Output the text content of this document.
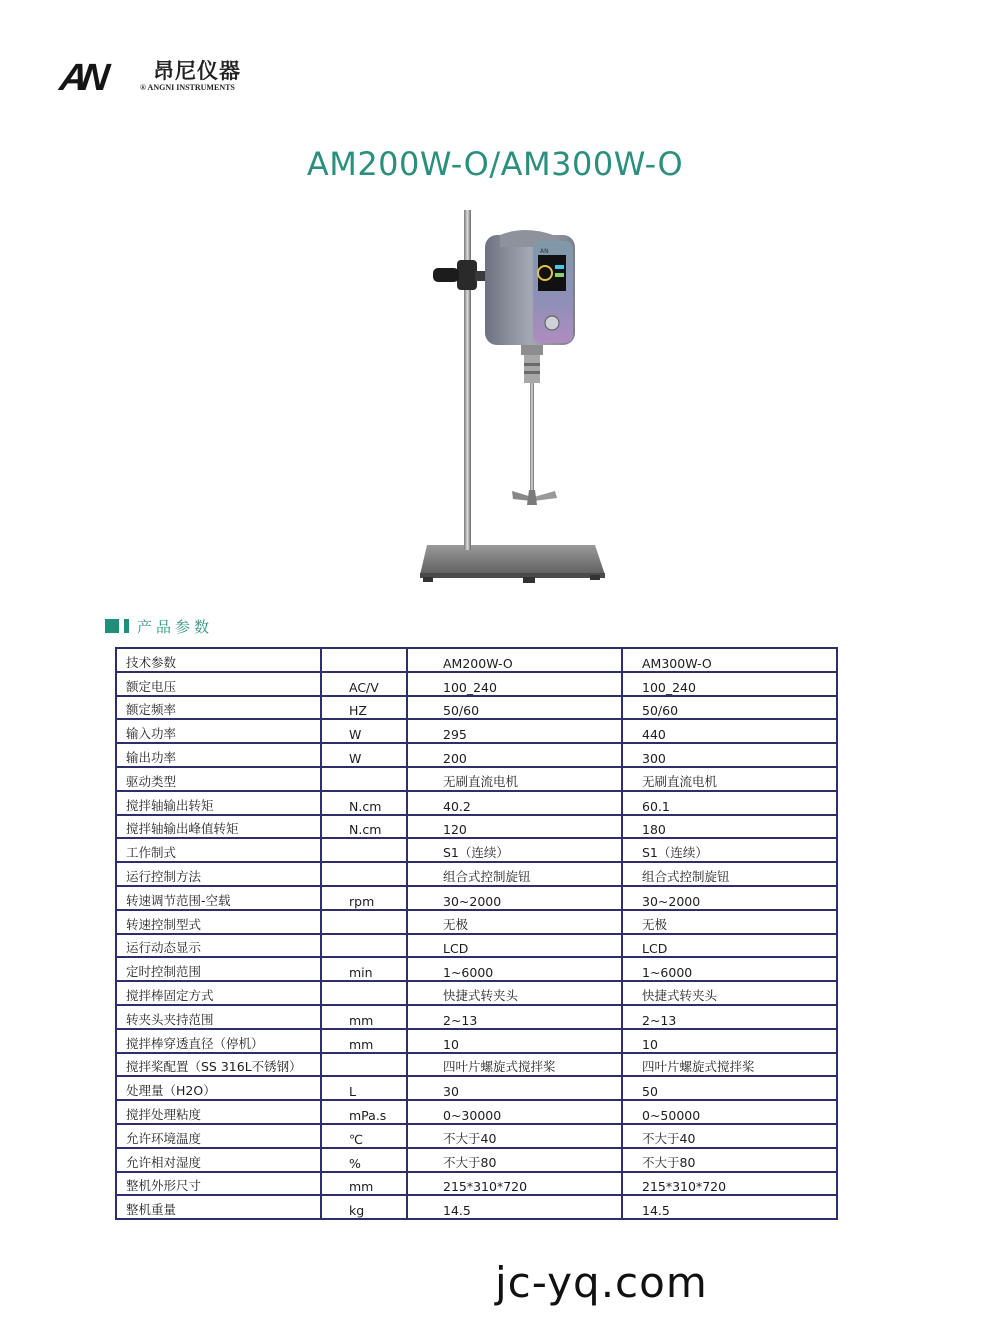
AN 昂尼仪器
® ANGNI INSTRUMENTS
AM200W-O/AM300W-O
AN
产品参数
技术参数		AM200W-O	AM300W-O
额定电压	AC/V	100_240	100_240
额定频率	HZ	50/60	50/60
输入功率	W	295	440
输出功率	W	200	300
驱动类型		无刷直流电机	无刷直流电机
搅拌轴输出转矩	N.cm	40.2	60.1
搅拌轴输出峰值转矩	N.cm	120	180
工作制式		S1（连续）	S1（连续）
运行控制方法		组合式控制旋钮	组合式控制旋钮
转速调节范围-空载	rpm	30~2000	30~2000
转速控制型式		无极	无极
运行动态显示		LCD	LCD
定时控制范围	min	1~6000	1~6000
搅拌棒固定方式		快捷式转夹头	快捷式转夹头
转夹头夹持范围	mm	2~13	2~13
搅拌棒穿透直径（停机）	mm	10	10
搅拌桨配置（SS 316L不锈钢）		四叶片螺旋式搅拌桨	四叶片螺旋式搅拌桨
处理量（H2O）	L	30	50
搅拌处理粘度	mPa.s	0~30000	0~50000
允许环境温度	℃	不大于40	不大于40
允许相对湿度	%	不大于80	不大于80
整机外形尺寸	mm	215*310*720	215*310*720
整机重量	kg	14.5	14.5
jc-yq.com
